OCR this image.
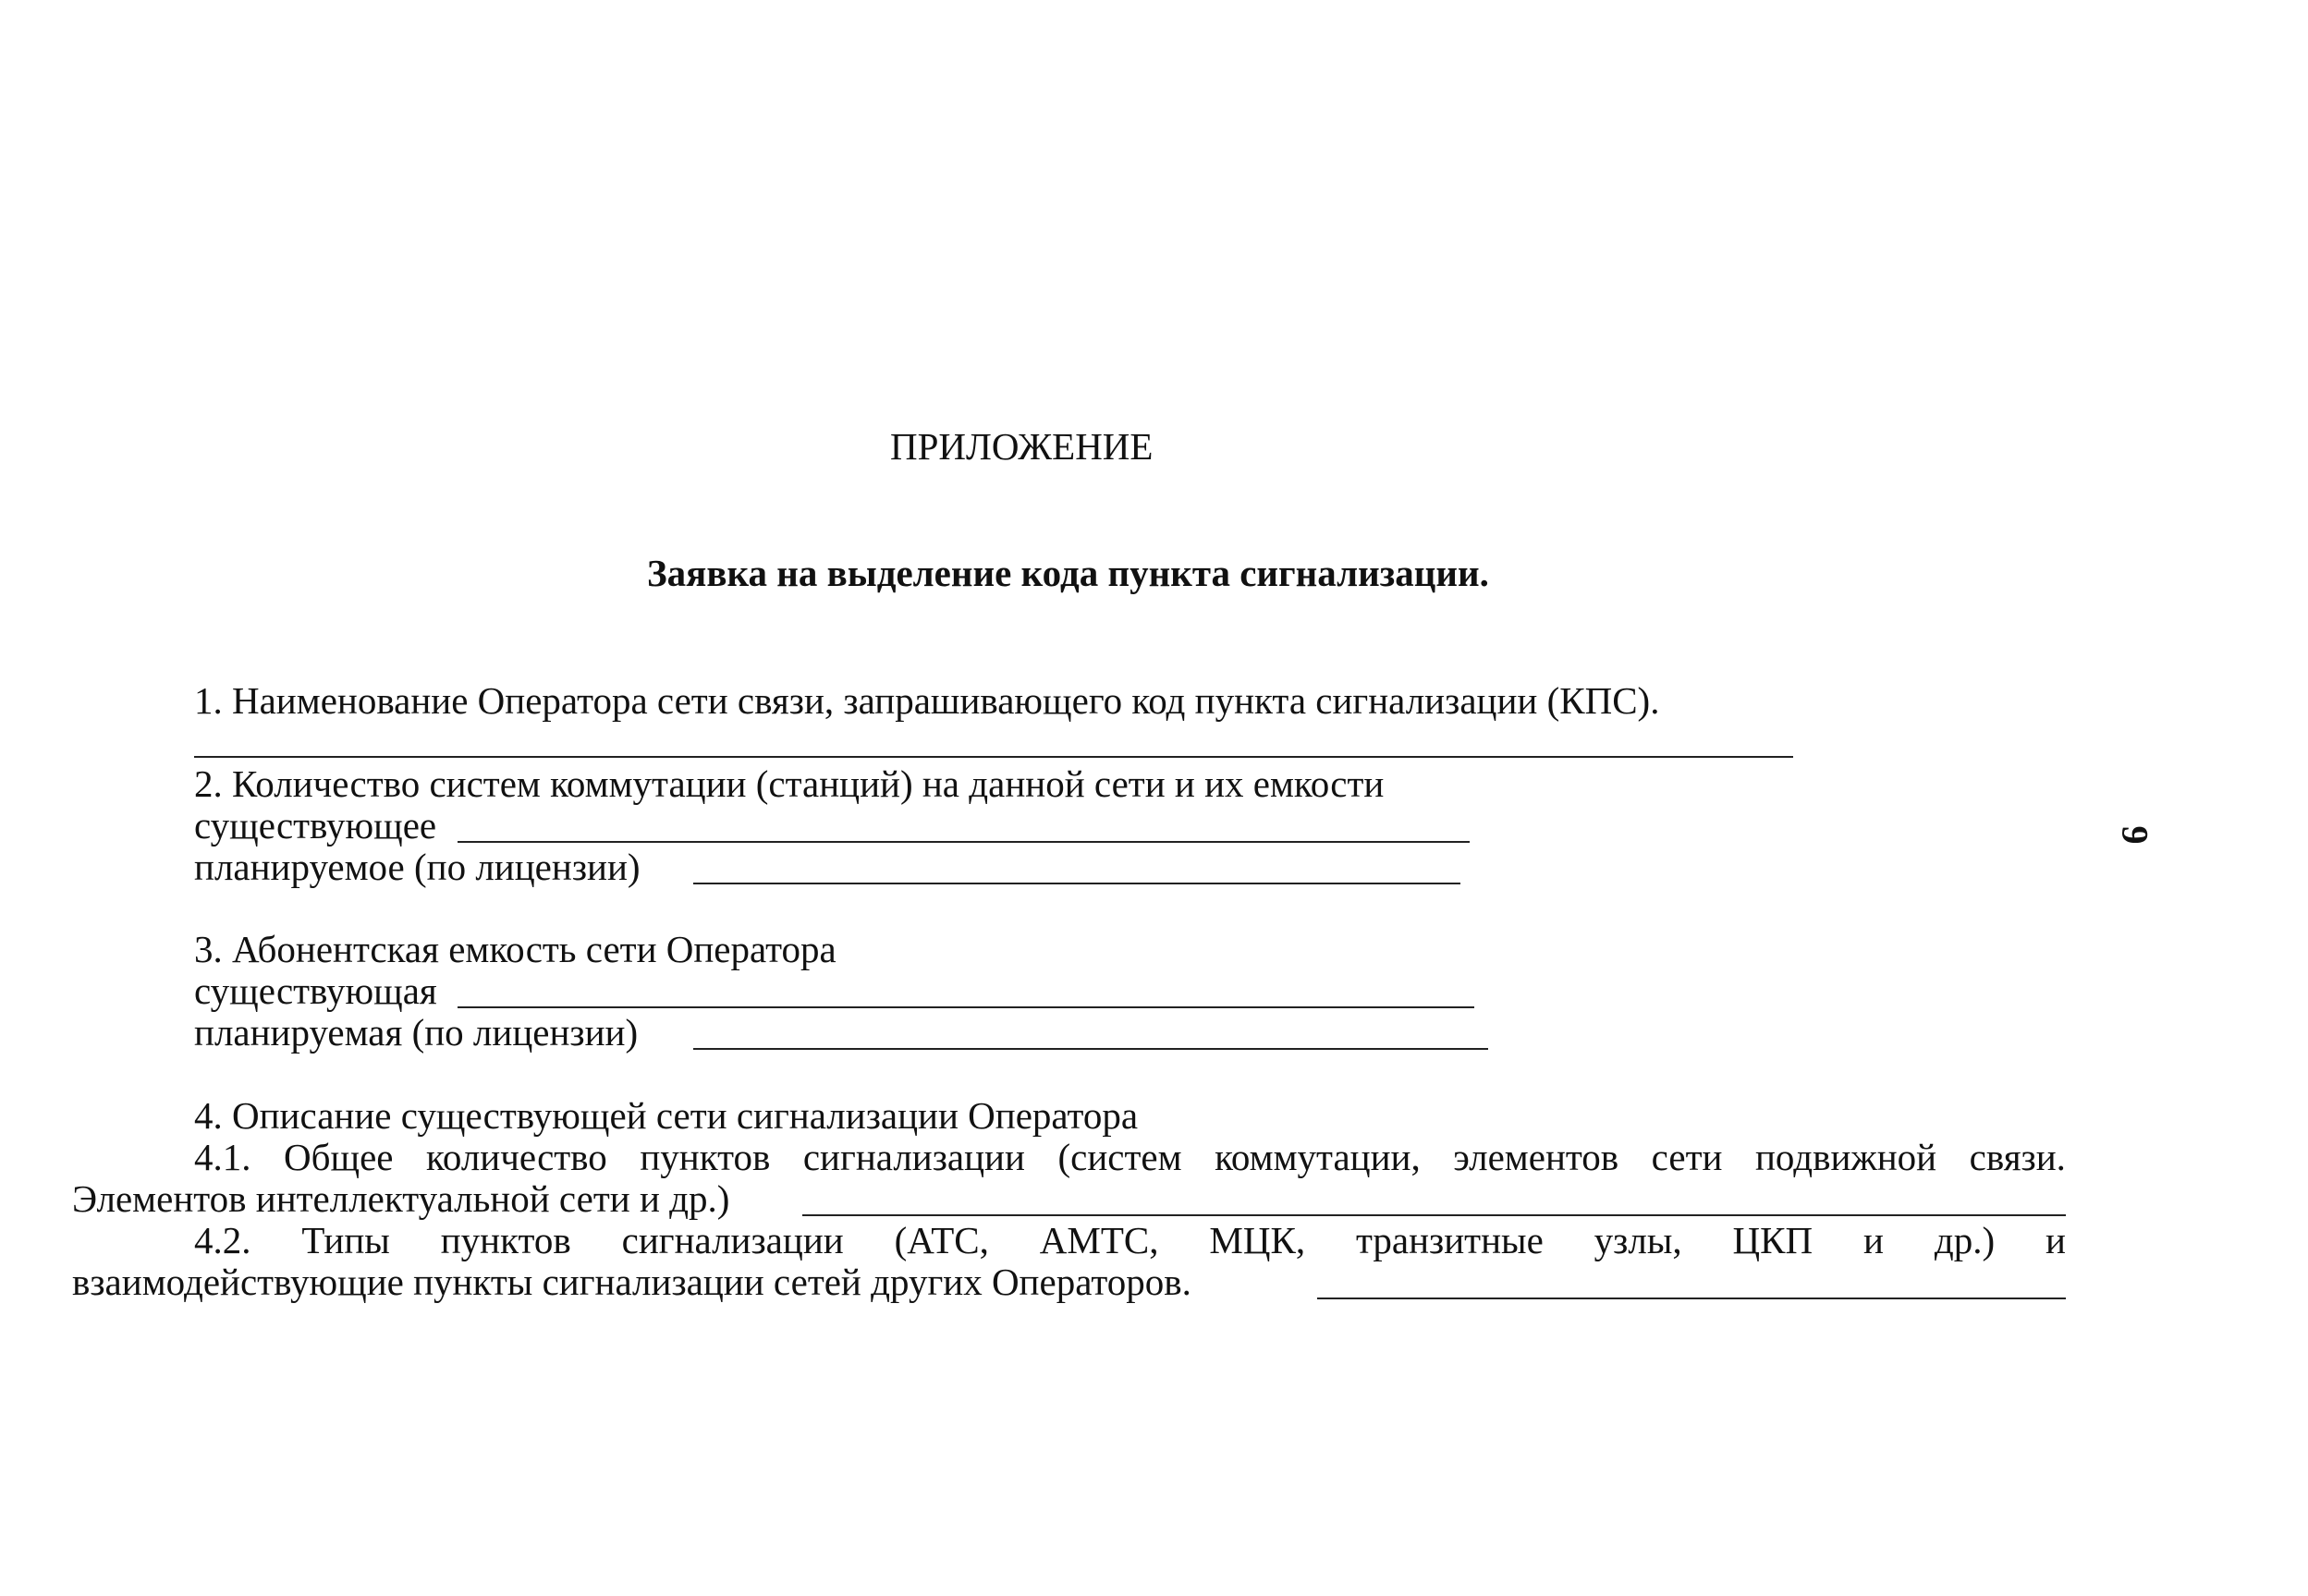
ПРИЛОЖЕНИЕ
Заявка на выделение кода пункта сигнализации.
1. Наименование Оператора сети связи, запрашивающего код пункта сигнализации (КПС).
2. Количество систем коммутации (станций) на данной сети и их емкости
существующее
планируемое (по лицензии)
3. Абонентская емкость сети Оператора
существующая
планируемая (по лицензии)
4. Описание существующей сети сигнализации Оператора
4.1. Общее количество пунктов сигнализации (систем коммутации, элементов сети подвижной связи.
Элементов интеллектуальной сети и др.)
4.2. Типы пунктов сигнализации (АТС, АМТС, МЦК, транзитные узлы, ЦКП и др.) и
взаимодействующие пункты сигнализации сетей других Операторов.
9
